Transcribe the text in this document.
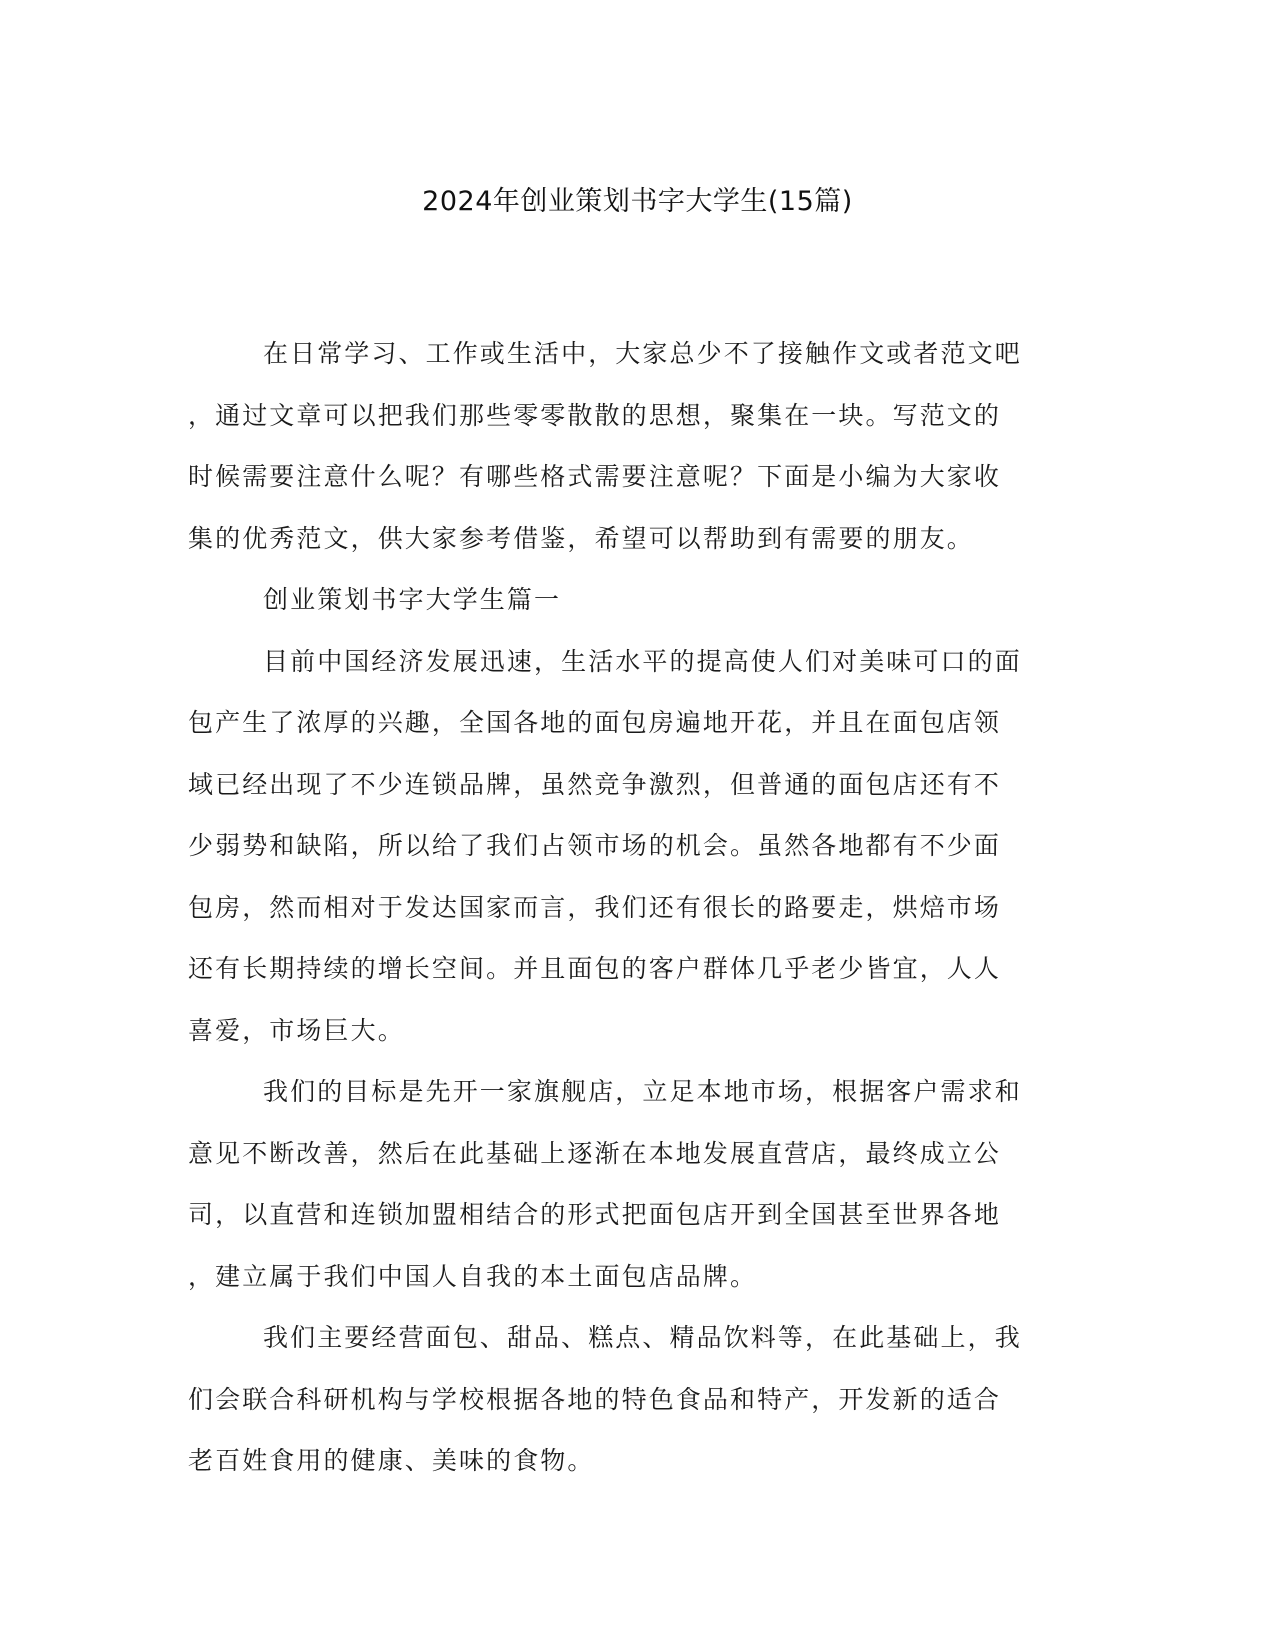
2024年创业策划书字大学生(15篇)
在日常学习、工作或生活中，大家总少不了接触作文或者范文吧
，通过文章可以把我们那些零零散散的思想，聚集在一块。写范文的
时候需要注意什么呢？有哪些格式需要注意呢？下面是小编为大家收
集的优秀范文，供大家参考借鉴，希望可以帮助到有需要的朋友。
创业策划书字大学生篇一
目前中国经济发展迅速，生活水平的提高使人们对美味可口的面
包产生了浓厚的兴趣，全国各地的面包房遍地开花，并且在面包店领
域已经出现了不少连锁品牌，虽然竞争激烈，但普通的面包店还有不
少弱势和缺陷，所以给了我们占领市场的机会。虽然各地都有不少面
包房，然而相对于发达国家而言，我们还有很长的路要走，烘焙市场
还有长期持续的增长空间。并且面包的客户群体几乎老少皆宜，人人
喜爱，市场巨大。
我们的目标是先开一家旗舰店，立足本地市场，根据客户需求和
意见不断改善，然后在此基础上逐渐在本地发展直营店，最终成立公
司，以直营和连锁加盟相结合的形式把面包店开到全国甚至世界各地
，建立属于我们中国人自我的本土面包店品牌。
我们主要经营面包、甜品、糕点、精品饮料等，在此基础上，我
们会联合科研机构与学校根据各地的特色食品和特产，开发新的适合
老百姓食用的健康、美味的食物。
